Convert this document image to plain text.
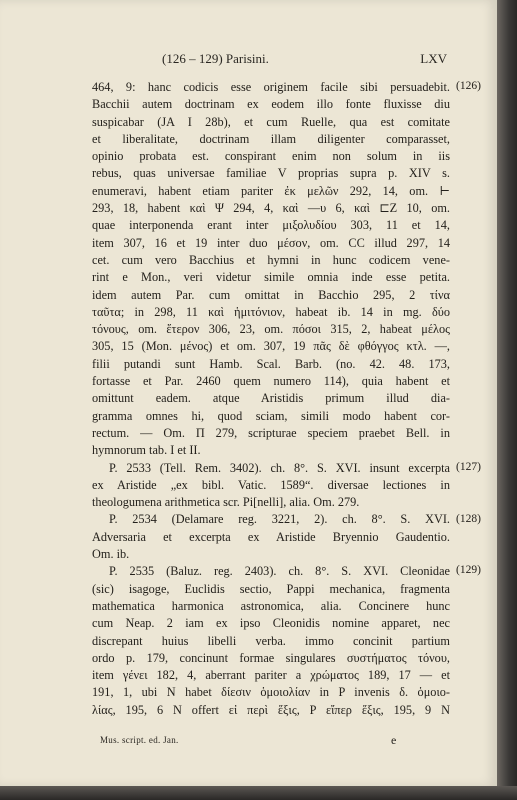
(126 – 129) Parisini.	LXV
464, 9: hanc codicis esse originem facile sibi persuadebit.
Bacchii autem doctrinam ex eodem illo fonte fluxisse diu
suspicabar (JA I 28b), et cum Ruelle, qua est comitate
et liberalitate, doctrinam illam diligenter comparasset,
opinio probata est. conspirant enim non solum in iis
rebus, quas universae familiae V proprias supra p. XIV s.
enumeravi, habent etiam pariter ἐκ μελῶν 292, 14, om. ⊢
293, 18, habent καὶ Ψ 294, 4, καὶ —υ 6, καὶ ⊏Z 10, om.
quae interponenda erant inter μιξολυδίου 303, 11 et 14,
item 307, 16 et 19 inter duo μέσον, om. CC illud 297, 14
cet. cum vero Bacchius et hymni in hunc codicem vene-
rint e Mon., veri videtur simile omnia inde esse petita.
idem autem Par. cum omittat in Bacchio 295, 2 τίνα
ταῦτα; in 298, 11 καὶ ἡμιτόνιον, habeat ib. 14 in mg. δύο
τόνους, om. ἕτερον 306, 23, om. πόσοι 315, 2, habeat μέλος
305, 15 (Mon. μένος) et om. 307, 19 πᾶς δὲ φθόγγος κτλ. —,
filii putandi sunt Hamb. Scal. Barb. (no. 42. 48. 173,
fortasse et Par. 2460 quem numero 114), quia habent et
omittunt eadem. atque Aristidis primum illud dia-
gramma omnes hi, quod sciam, simili modo habent cor-
rectum. — Om. Π 279, scripturae speciem praebet Bell. in
hymnorum tab. I et II.
P. 2533 (Tell. Rem. 3402). ch. 8°. S. XVI. insunt excerpta
ex Aristide „ex bibl. Vatic. 1589“. diversae lectiones in
theologumena arithmetica scr. Pi[nelli], alia. Om. 279.
P. 2534 (Delamare reg. 3221, 2). ch. 8°. S. XVI.
Adversaria et excerpta ex Aristide Bryennio Gaudentio.
Om. ib.
P. 2535 (Baluz. reg. 2403). ch. 8°. S. XVI. Cleonidae
(sic) isagoge, Euclidis sectio, Pappi mechanica, fragmenta
mathematica harmonica astronomica, alia. Concinere hunc
cum Neap. 2 iam ex ipso Cleonidis nomine apparet, nec
discrepant huius libelli verba. immo concinit partium
ordo p. 179, concinunt formae singulares συστήματος τόνου,
item γένει 182, 4, aberrant pariter a χρώματος 189, 17 — et
191, 1, ubi N habet δίεσιν ὁμοιολίαν in P invenis δ. ὁμοιο-
λίας, 195, 6 N offert εἰ περὶ ἕξις, P εἴπερ ἕξις, 195, 9 N
(126)
(127)
(128)
(129)
Mus. script. ed. Jan.	e
